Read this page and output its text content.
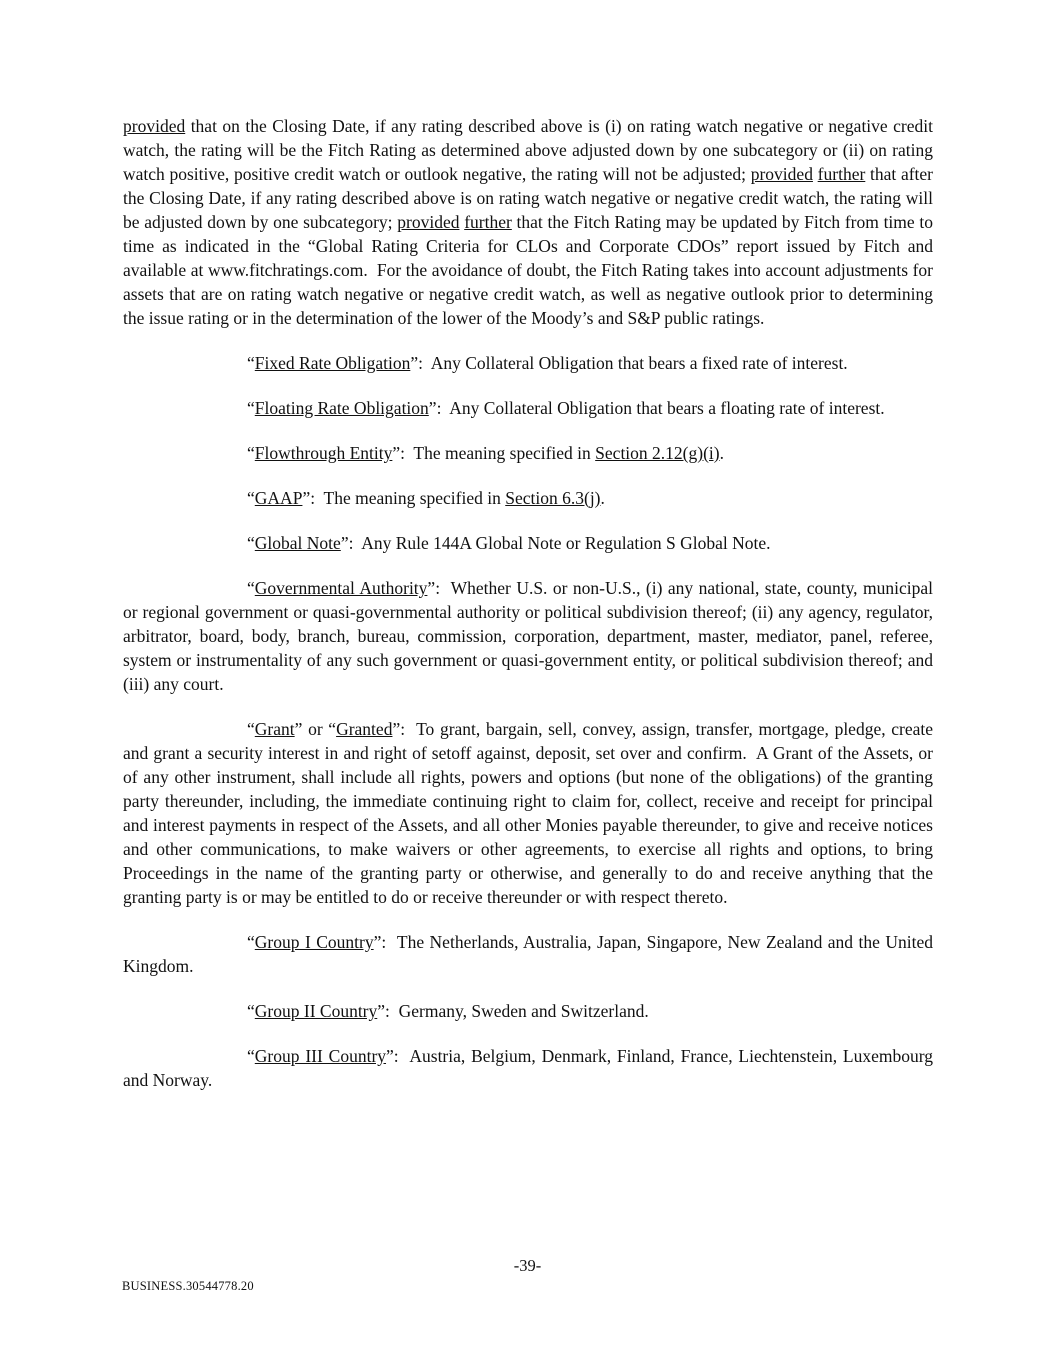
provided that on the Closing Date, if any rating described above is (i) on rating watch negative or negative credit watch, the rating will be the Fitch Rating as determined above adjusted down by one subcategory or (ii) on rating watch positive, positive credit watch or outlook negative, the rating will not be adjusted; provided further that after the Closing Date, if any rating described above is on rating watch negative or negative credit watch, the rating will be adjusted down by one subcategory; provided further that the Fitch Rating may be updated by Fitch from time to time as indicated in the “Global Rating Criteria for CLOs and Corporate CDOs” report issued by Fitch and available at www.fitchratings.com.  For the avoidance of doubt, the Fitch Rating takes into account adjustments for assets that are on rating watch negative or negative credit watch, as well as negative outlook prior to determining the issue rating or in the determination of the lower of the Moody’s and S&P public ratings.

“Fixed Rate Obligation”:  Any Collateral Obligation that bears a fixed rate of interest.

“Floating Rate Obligation”:  Any Collateral Obligation that bears a floating rate of interest.

“Flowthrough Entity”:  The meaning specified in Section 2.12(g)(i).

“GAAP”:  The meaning specified in Section 6.3(j).

“Global Note”:  Any Rule 144A Global Note or Regulation S Global Note.

“Governmental Authority”:  Whether U.S. or non-U.S., (i) any national, state, county, municipal or regional government or quasi-governmental authority or political subdivision thereof; (ii) any agency, regulator, arbitrator, board, body, branch, bureau, commission, corporation, department, master, mediator, panel, referee, system or instrumentality of any such government or quasi-government entity, or political subdivision thereof; and (iii) any court.

“Grant” or “Granted”:  To grant, bargain, sell, convey, assign, transfer, mortgage, pledge, create and grant a security interest in and right of setoff against, deposit, set over and confirm.  A Grant of the Assets, or of any other instrument, shall include all rights, powers and options (but none of the obligations) of the granting party thereunder, including, the immediate continuing right to claim for, collect, receive and receipt for principal and interest payments in respect of the Assets, and all other Monies payable thereunder, to give and receive notices and other communications, to make waivers or other agreements, to exercise all rights and options, to bring Proceedings in the name of the granting party or otherwise, and generally to do and receive anything that the granting party is or may be entitled to do or receive thereunder or with respect thereto.

“Group I Country”:  The Netherlands, Australia, Japan, Singapore, New Zealand and the United Kingdom.

“Group II Country”:  Germany, Sweden and Switzerland.

“Group III Country”:  Austria, Belgium, Denmark, Finland, France, Liechtenstein, Luxembourg and Norway.

-39-
BUSINESS.30544778.20
